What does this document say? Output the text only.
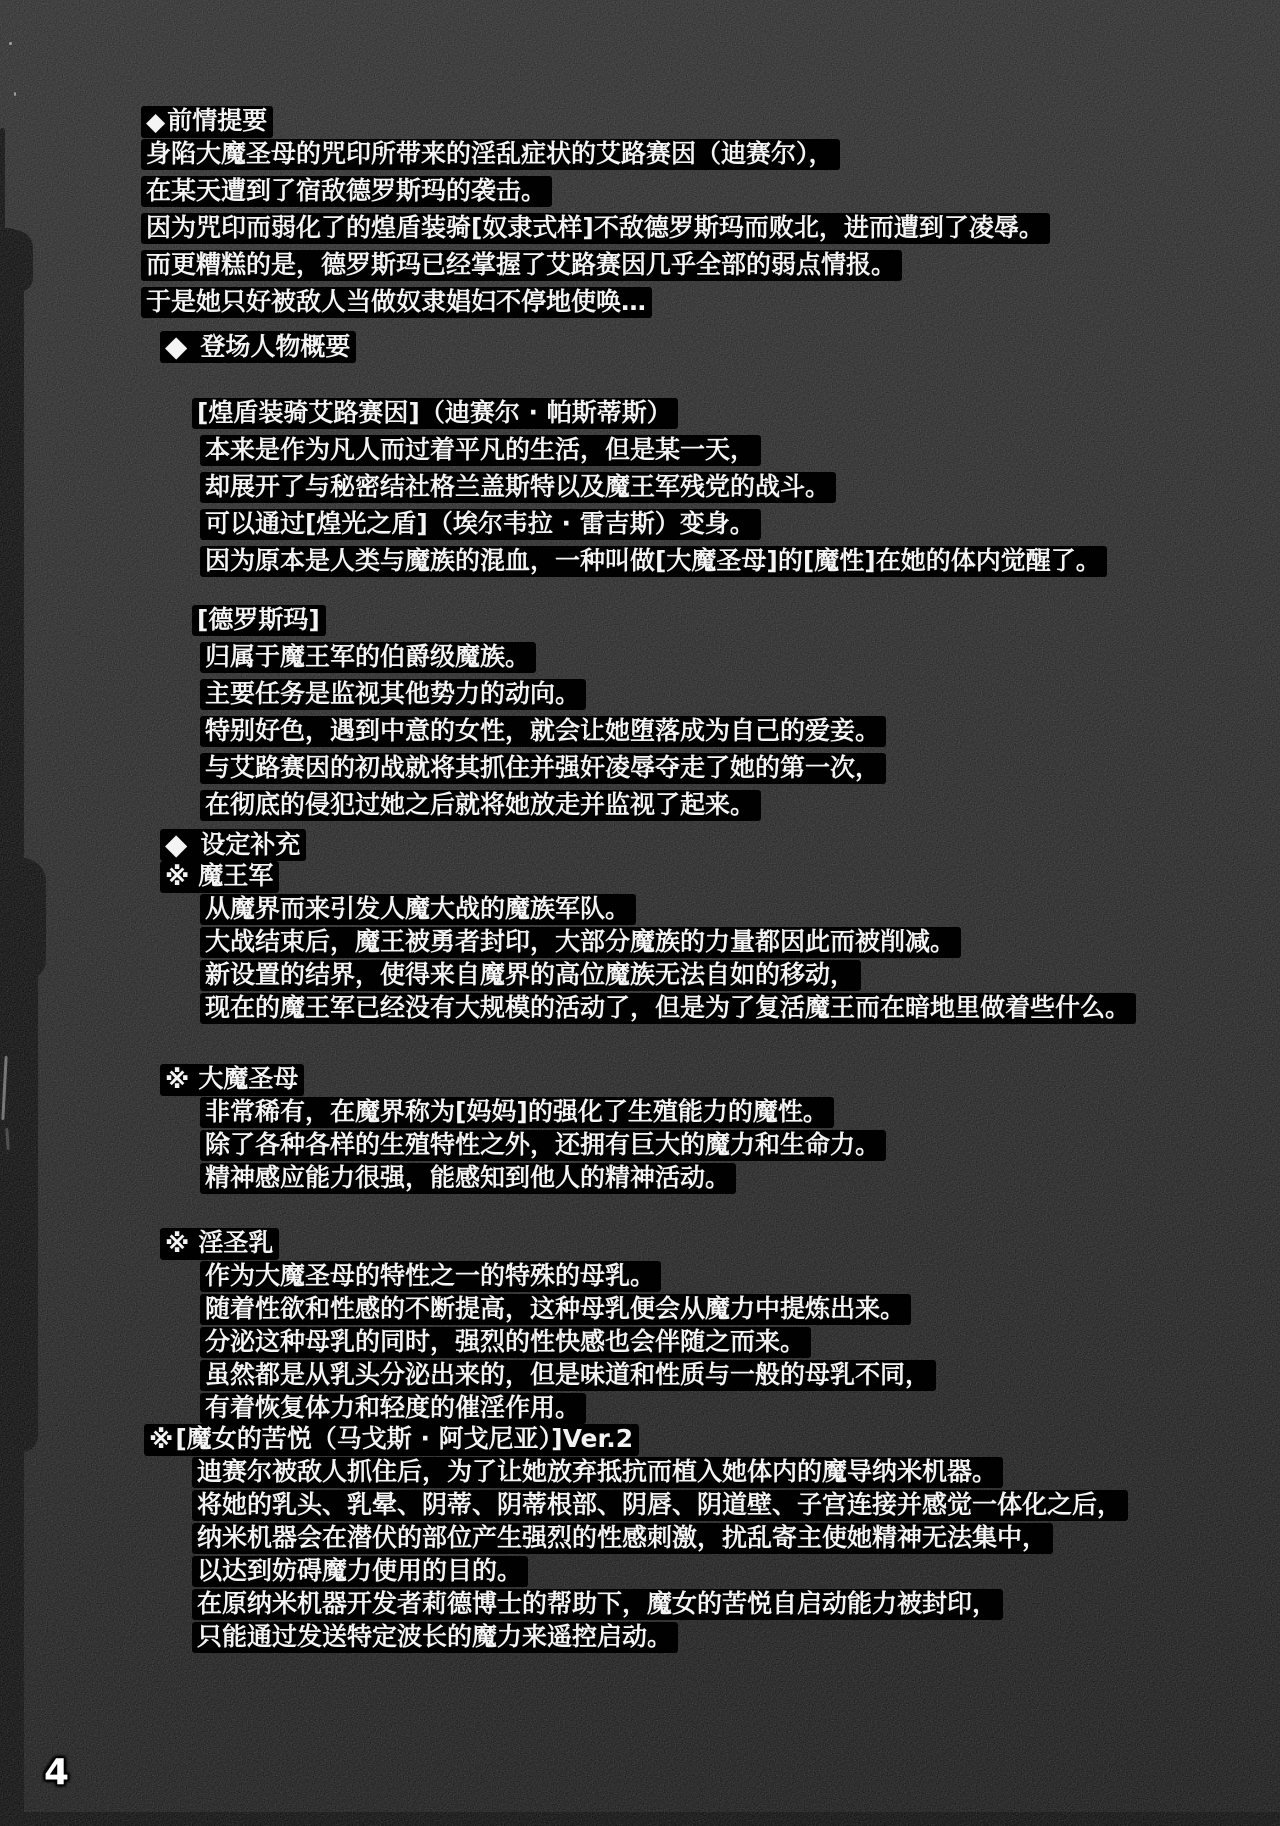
◆前情提要
身陷大魔圣母的咒印所带来的淫乱症状的艾路赛因（迪赛尔），
在某天遭到了宿敌德罗斯玛的袭击。
因为咒印而弱化了的煌盾装骑[奴隶式样]不敌德罗斯玛而败北，进而遭到了凌辱。
而更糟糕的是，德罗斯玛已经掌握了艾路赛因几乎全部的弱点情报。
于是她只好被敌人当做奴隶娼妇不停地使唤…
◆ 登场人物概要
[煌盾装骑艾路赛因]（迪赛尔 · 帕斯蒂斯）
本来是作为凡人而过着平凡的生活，但是某一天，
却展开了与秘密结社格兰盖斯特以及魔王军残党的战斗。
可以通过[煌光之盾]（埃尔韦拉 · 雷吉斯）变身。
因为原本是人类与魔族的混血，一种叫做[大魔圣母]的[魔性]在她的体内觉醒了。
[德罗斯玛]
归属于魔王军的伯爵级魔族。
主要任务是监视其他势力的动向。
特别好色，遇到中意的女性，就会让她堕落成为自己的爱妾。
与艾路赛因的初战就将其抓住并强奸凌辱夺走了她的第一次，
在彻底的侵犯过她之后就将她放走并监视了起来。
◆ 设定补充
※ 魔王军
从魔界而来引发人魔大战的魔族军队。
大战结束后，魔王被勇者封印，大部分魔族的力量都因此而被削减。
新设置的结界，使得来自魔界的高位魔族无法自如的移动，
现在的魔王军已经没有大规模的活动了，但是为了复活魔王而在暗地里做着些什么。
※ 大魔圣母
非常稀有，在魔界称为[妈妈]的强化了生殖能力的魔性。
除了各种各样的生殖特性之外，还拥有巨大的魔力和生命力。
精神感应能力很强，能感知到他人的精神活动。
※ 淫圣乳
作为大魔圣母的特性之一的特殊的母乳。
随着性欲和性感的不断提高，这种母乳便会从魔力中提炼出来。
分泌这种母乳的同时，强烈的性快感也会伴随之而来。
虽然都是从乳头分泌出来的，但是味道和性质与一般的母乳不同，
有着恢复体力和轻度的催淫作用。
※[魔女的苦悦（马戈斯 · 阿戈尼亚）]Ver.2
迪赛尔被敌人抓住后，为了让她放弃抵抗而植入她体内的魔导纳米机器。
将她的乳头、乳晕、阴蒂、阴蒂根部、阴唇、阴道壁、子宫连接并感觉一体化之后，
纳米机器会在潜伏的部位产生强烈的性感刺激，扰乱寄主使她精神无法集中，
以达到妨碍魔力使用的目的。
在原纳米机器开发者莉德博士的帮助下，魔女的苦悦自启动能力被封印，
只能通过发送特定波长的魔力来遥控启动。
4
